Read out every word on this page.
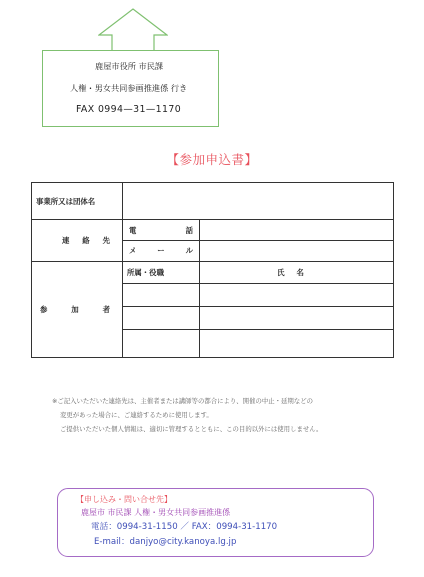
鹿屋市役所 市民課
人権・男女共同参画推進係 行き
FAX 0994—31—1170
【参加申込書】
事業所又は団体名		

連 絡 先	電 話	

	メ ー ル	

参 加 者	所属・役職	氏名

※ご記入いただいた連絡先は、主催者または講師等の都合により、開催の中止・延期などの
変更があった場合に、ご連絡するために使用します。
ご提供いただいた個人情報は、適切に管理するとともに、この目的以外には使用しません。
【申し込み・問い合せ先】
鹿屋市 市民課 人権・男女共同参画推進係
電話：0994-31-1150 ／ FAX：0994-31-1170
E-mail：danjyo@city.kanoya.lg.jp
